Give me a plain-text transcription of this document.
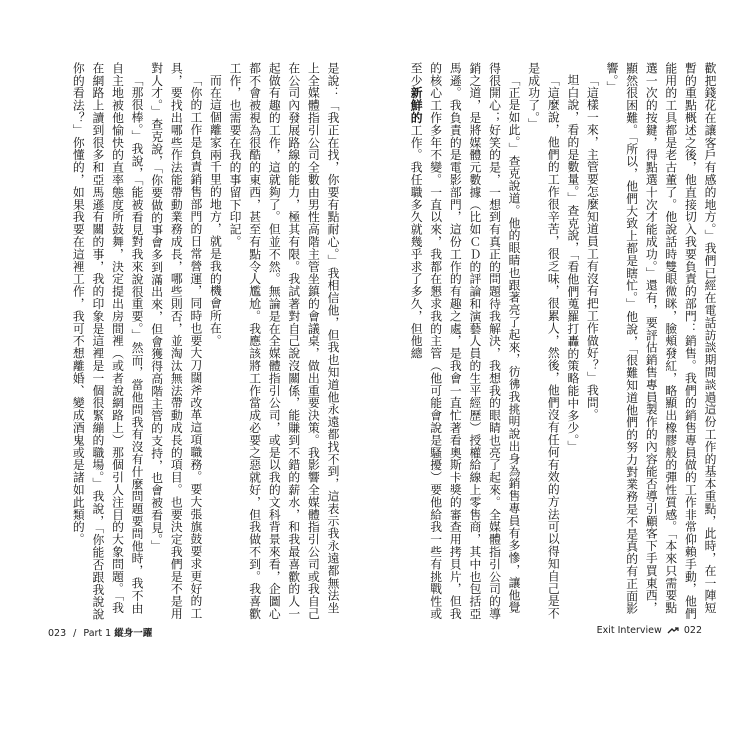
是說：「我正在找，你要有點耐心。」我相信他，但我也知道他永遠都找不到，這表示我永遠都無法坐上全媒體指引公司全數由男性高階主管坐鎮的會議桌，做出重要決策。我影響全媒體指引公司或我自己在公司內發展路線的能力，極其有限。我試著對自己說沒關係，能賺到不錯的薪水，和我最喜歡的人一起做有趣的工作，這就夠了。但並不然。無論是在全媒體指引公司，或是以我的文科背景來看，企圖心都不會被視為很酷的東西，甚至有點令人尷尬。我應該將工作當成必要之惡就好，但我做不到。我喜歡工作，也需要在我的事留下印記。

而在這個離家兩千里的地方，就是我的機會所在。

「你的工作是負責銷售部門的日常營運，同時也要大刀闊斧改革這項職務。要大張旗鼓要求更好的工具，要找出哪些作法能帶動業務成長，哪些則否，並淘汰無法帶動成長的項目。也要決定我們是不是用對人才。」查克說，「你要做的事會多到滿出來，但會獲得高階主管的支持，也會被看見。」

「那很棒。」我說，「能被看見對我來說很重要。」然而，當他問我有沒有什麼問題要問他時，我不由自主地被他愉快的直率態度所鼓舞，決定提出房間裡（或者說網路上）那個引人注目的大象問題。「我在網路上讀到很多和亞馬遜有關的事，我的印象是這裡是一個很緊繃的職場。」我說，「你能否跟我說說你的看法？」你懂的，如果我要在這裡工作，我可不想離婚、變成酒鬼或是諸如此類的。

023 / Part 1 縱身一躍

歡把錢花在讓客戶有感的地方。」我們已經在電話訪談期間談過這份工作的基本重點，此時，在一陣短暫的重點概述之後，他直接切入我要負責的部門：銷售。我們的銷售專員做的工作非常仰賴手動，他們能用的工具都是老古董了。他說話時雙眼微眯，臉頰發紅，略顯出橡膠般的彈性質感。「本來只需要點選一次的按鍵，得點選十次才能成功。」還有，要評估銷售專員製作的內容能否導引顧客下手買東西，顯然很困難。「所以，他們大致上都是瞎忙。」他說，「很難知道他們的努力對業務是不是真的有正面影響。」

「這樣一來，主管要怎麼知道員工有沒有把工作做好？」我問。

坦白說，看的是數量。」查克說，「看他們蒐羅打轟的策略能中多少。」

「這麼說，他們的工作很辛苦，很乏味，很累人，然後，他們沒有任何有效的方法可以得知自己是不是成功了。」

「正是如此。」查克說道。他的眼睛也跟著亮了起來，彷彿我挑明說出身為銷售專員有多慘，讓他覺得很開心；好笑的是，一想到有真正的問題待我解決，我想我的眼睛也亮了起來。全媒體指引公司的導銷之道，是將媒體元數據（比如ＣＤ的評論和演藝人員的生平經歷）授權給線上零售商，其中也包括亞馬遜。我負責的是電影部門，這份工作的有趣之處，是我會一直忙著看奧斯卡獎的審查用拷貝片，但我的核心工作多年不變。一直以來，我都在懇求我的主管（他可能會說是騷擾）要他給我一些有挑戰性或至少新鮮的工作。我任職多久就幾乎求了多久，但他總

Exit Interview 022
